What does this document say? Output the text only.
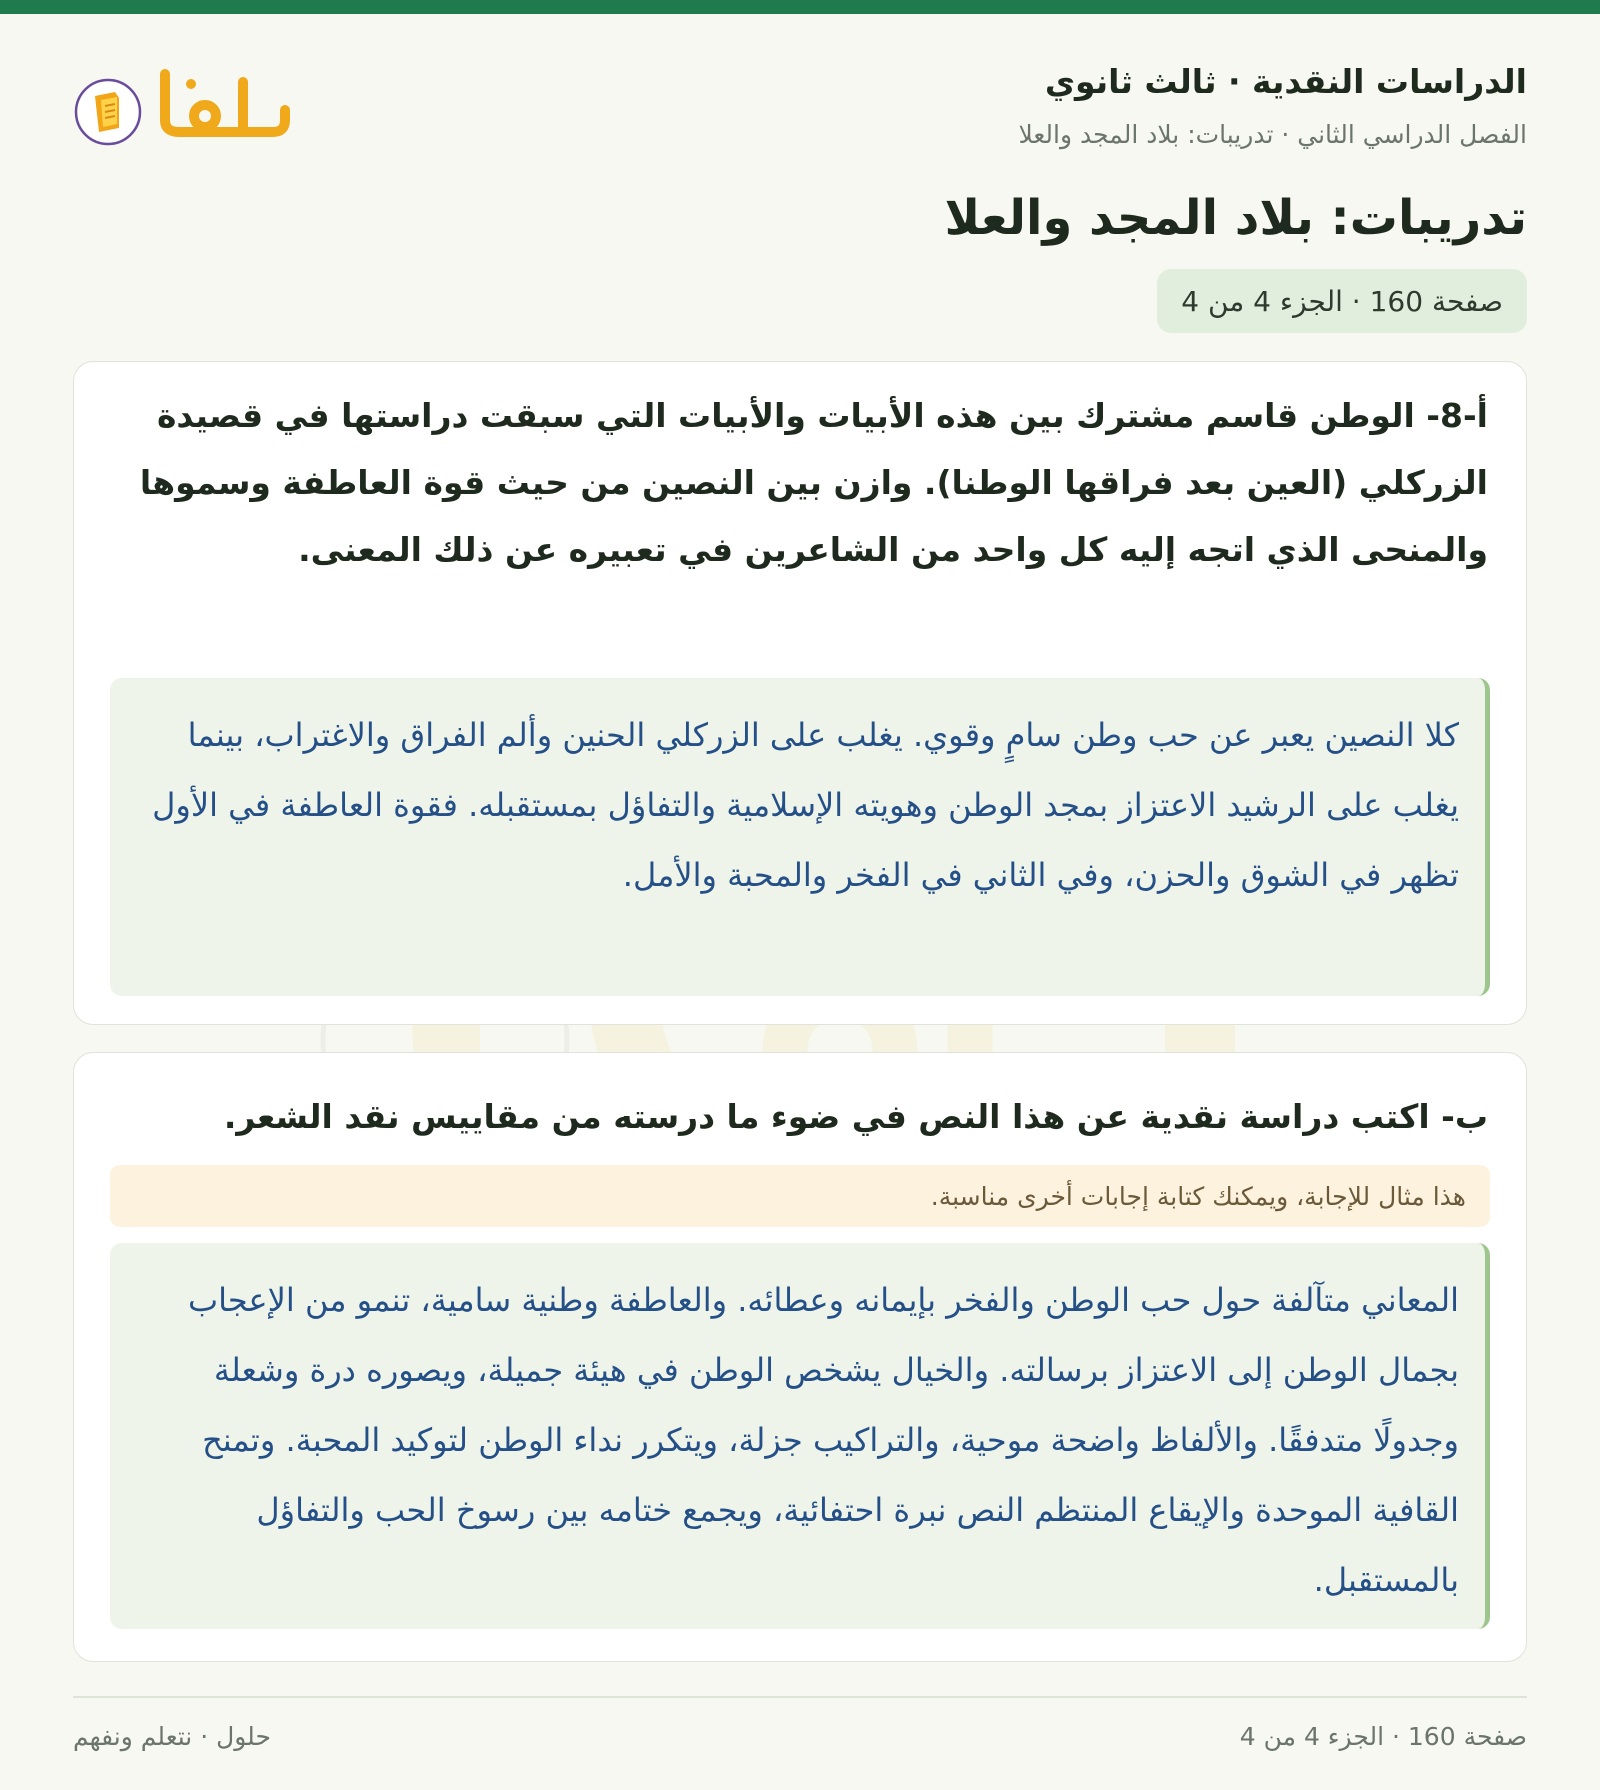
الدراسات النقدية · ثالث ثانوي
الفصل الدراسي الثاني · تدريبات: بلاد المجد والعلا
تدريبات: بلاد المجد والعلا
صفحة 160 · الجزء 4 من 4
أ-8- الوطن قاسم مشترك بين هذه الأبيات والأبيات التي سبقت دراستها في قصيدة الزركلي (العين بعد فراقها الوطنا). وازن بين النصين من حيث قوة العاطفة وسموها والمنحى الذي اتجه إليه كل واحد من الشاعرين في تعبيره عن ذلك المعنى.
كلا النصين يعبر عن حب وطن سامٍ وقوي. يغلب على الزركلي الحنين وألم الفراق والاغتراب، بينما يغلب على الرشيد الاعتزاز بمجد الوطن وهويته الإسلامية والتفاؤل بمستقبله. فقوة العاطفة في الأول تظهر في الشوق والحزن، وفي الثاني في الفخر والمحبة والأمل.
ب- اكتب دراسة نقدية عن هذا النص في ضوء ما درسته من مقاييس نقد الشعر.
هذا مثال للإجابة، ويمكنك كتابة إجابات أخرى مناسبة.
المعاني متآلفة حول حب الوطن والفخر بإيمانه وعطائه. والعاطفة وطنية سامية، تنمو من الإعجاب بجمال الوطن إلى الاعتزاز برسالته. والخيال يشخص الوطن في هيئة جميلة، ويصوره درة وشعلة وجدولًا متدفقًا. والألفاظ واضحة موحية، والتراكيب جزلة، ويتكرر نداء الوطن لتوكيد المحبة. وتمنح القافية الموحدة والإيقاع المنتظم النص نبرة احتفائية، ويجمع ختامه بين رسوخ الحب والتفاؤل بالمستقبل.
صفحة 160 · الجزء 4 من 4
حلول · نتعلم ونفهم
